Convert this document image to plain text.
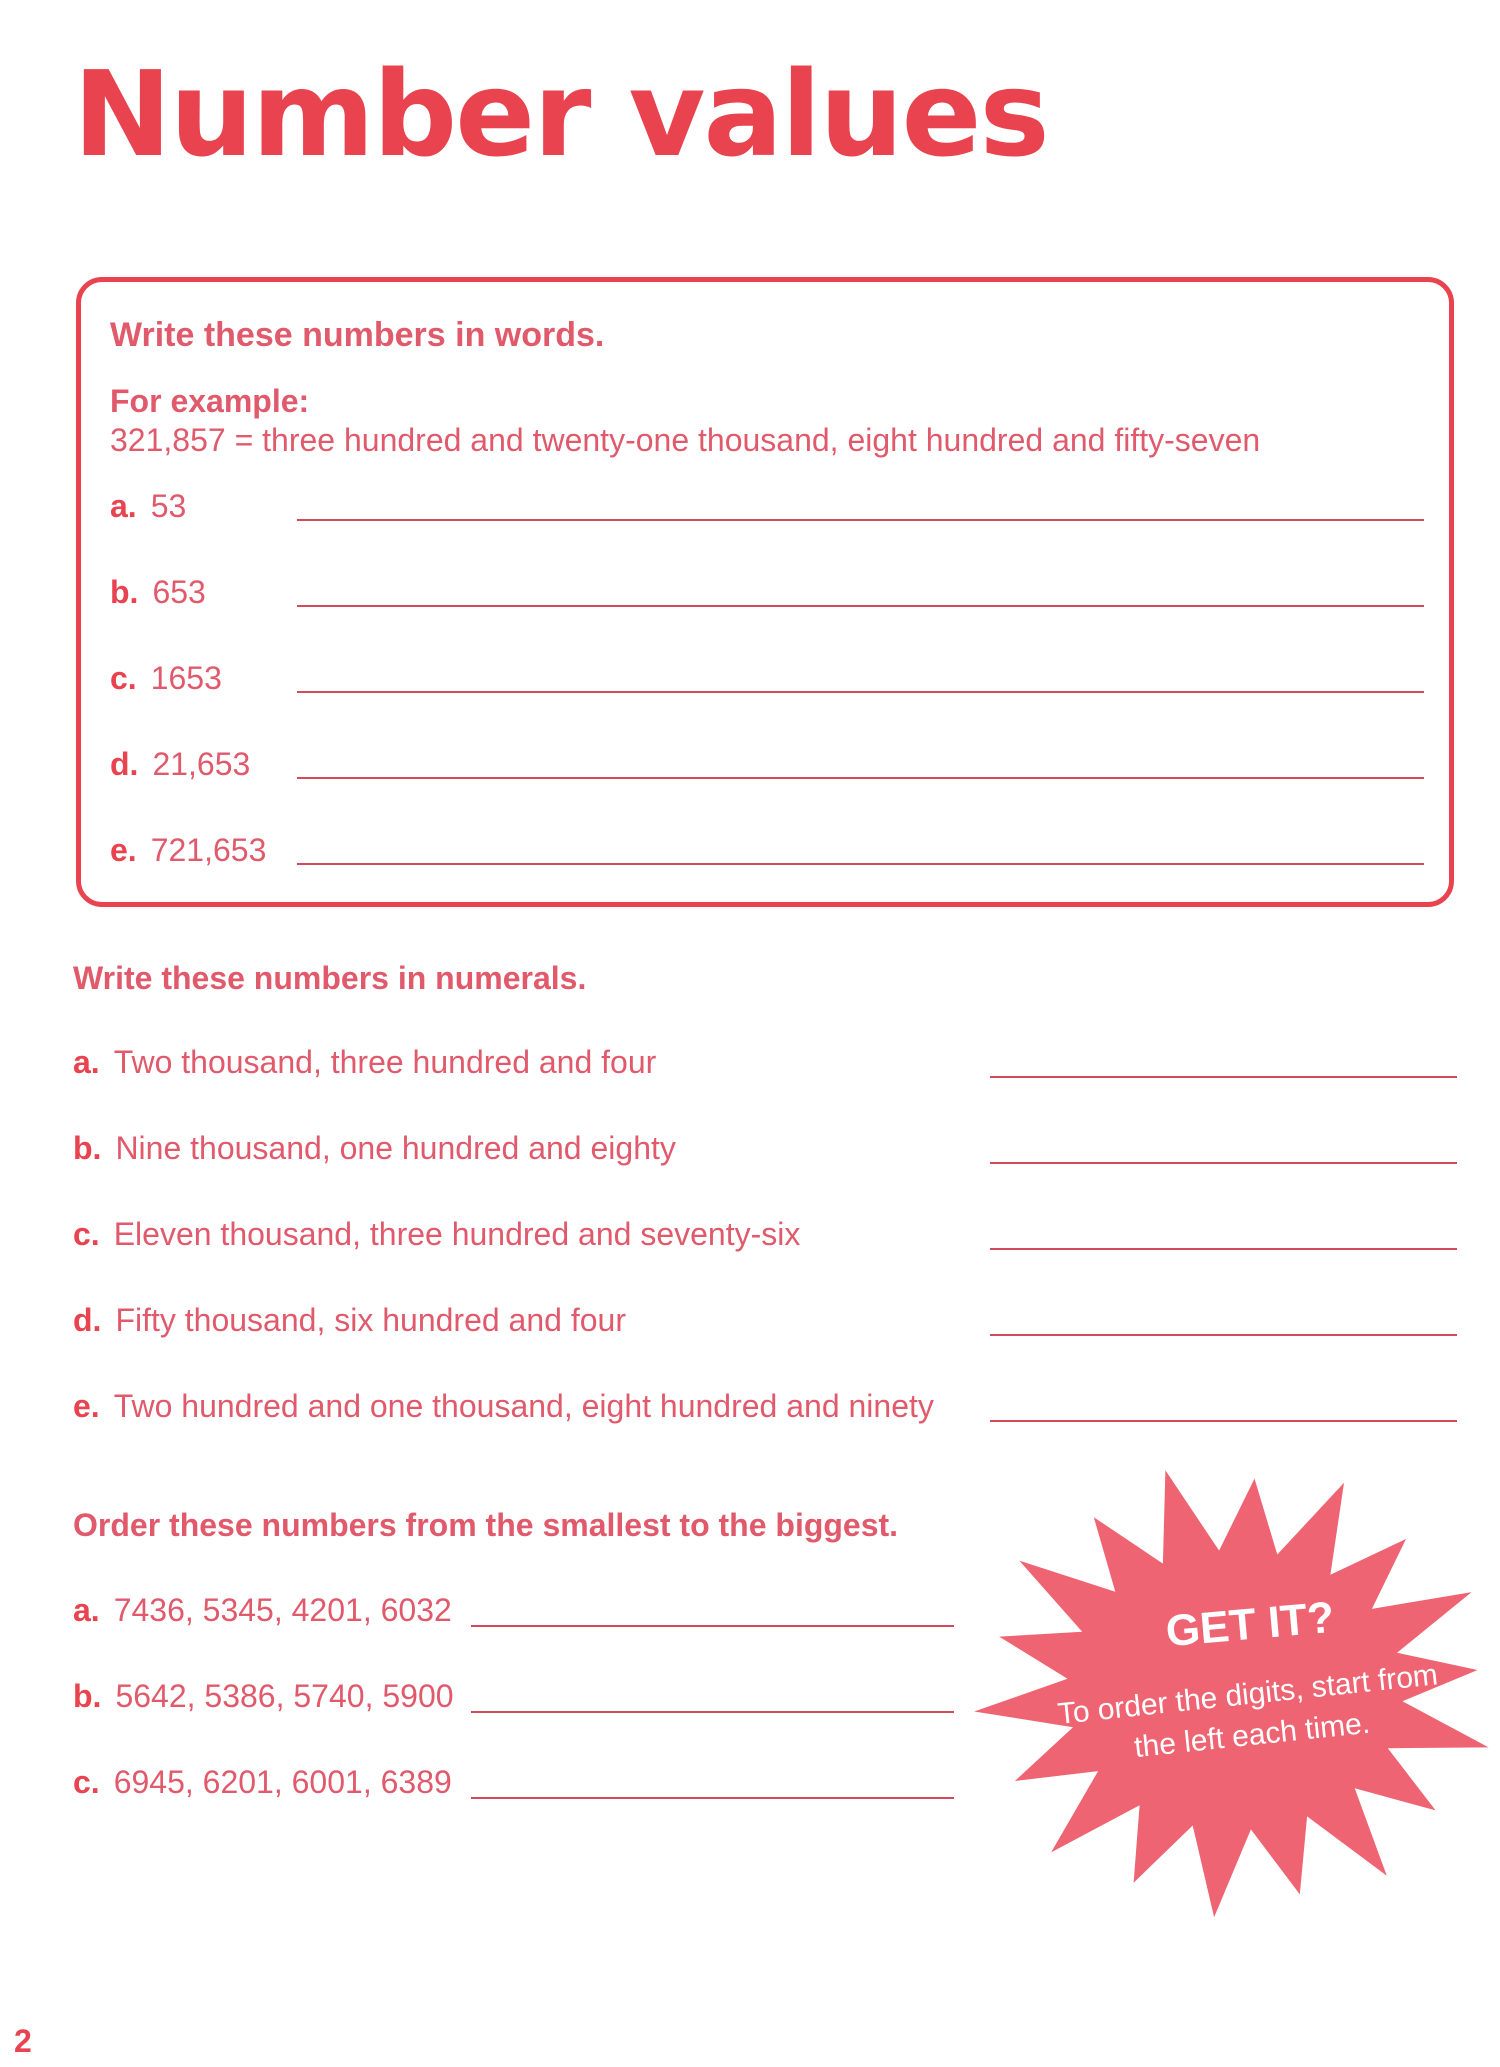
Number values
Write these numbers in words.
For example:
321,857 = three hundred and twenty-one thousand, eight hundred and fifty-seven
a. 53
b. 653
c. 1653
d. 21,653
e. 721,653
Write these numbers in numerals.
a. Two thousand, three hundred and four
b. Nine thousand, one hundred and eighty
c. Eleven thousand, three hundred and seventy-six
d. Fifty thousand, six hundred and four
e. Two hundred and one thousand, eight hundred and ninety
Order these numbers from the smallest to the biggest.
a. 7436, 5345, 4201, 6032
b. 5642, 5386, 5740, 5900
c. 6945, 6201, 6001, 6389
GET IT?
To order the digits, start from the left each time.
2
